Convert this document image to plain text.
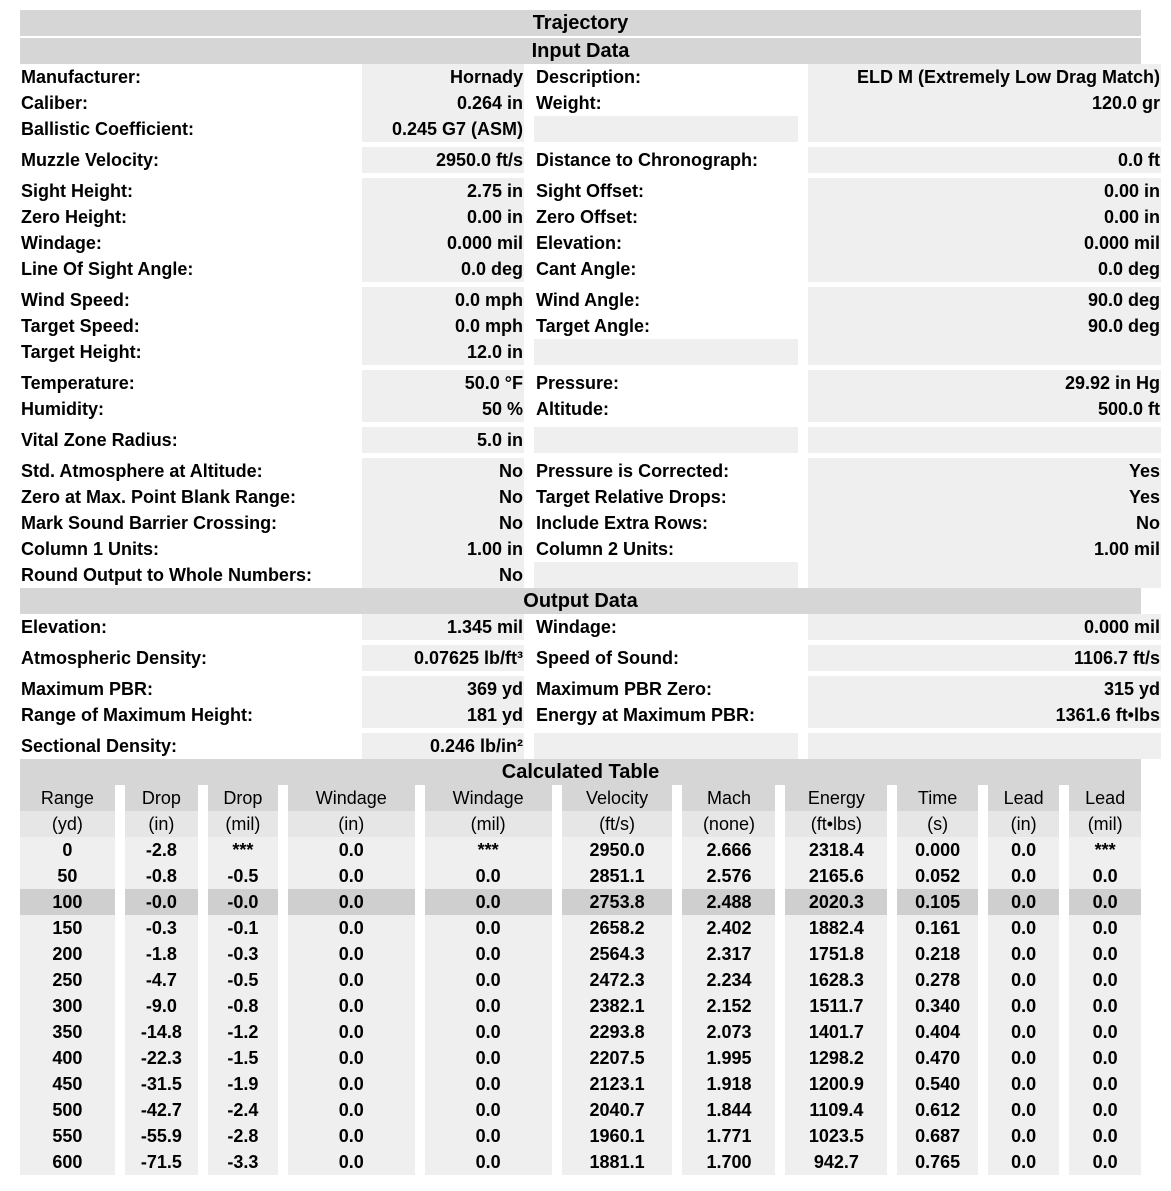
Trajectory
Input Data
Manufacturer:	Hornady Description:	ELD M (Extremely Low Drag Match)
Caliber:	0.264 in Weight:	120.0 gr
Ballistic Coefficient:	0.245 G7 (ASM)
Muzzle Velocity:	2950.0 ft/s Distance to Chronograph:	0.0 ft
Sight Height:	2.75 in Sight Offset:	0.00 in
Zero Height:	0.00 in Zero Offset:	0.00 in
Windage:	0.000 mil Elevation:	0.000 mil
Line Of Sight Angle:	0.0 deg Cant Angle:	0.0 deg
Wind Speed:	0.0 mph Wind Angle:	90.0 deg
Target Speed:	0.0 mph Target Angle:	90.0 deg
Target Height:	12.0 in
Temperature:	50.0 °F Pressure:	29.92 in Hg
Humidity:	50 % Altitude:	500.0 ft
Vital Zone Radius:	5.0 in
Std. Atmosphere at Altitude:	No Pressure is Corrected:	Yes
Zero at Max. Point Blank Range:	No Target Relative Drops:	Yes
Mark Sound Barrier Crossing:	No Include Extra Rows:	No
Column 1 Units:	1.00 in Column 2 Units:	1.00 mil
Round Output to Whole Numbers:	No
Output Data
Elevation:	1.345 mil Windage:	0.000 mil
Atmospheric Density:	0.07625 lb/ft³ Speed of Sound:	1106.7 ft/s
Maximum PBR:	369 yd Maximum PBR Zero:	315 yd
Range of Maximum Height:	181 yd Energy at Maximum PBR:	1361.6 ft•lbs
Sectional Density:	0.246 lb/in²
Calculated Table
Range	Drop	Drop	Windage	Windage	Velocity	Mach	Energy	Time	Lead	Lead
(yd)	(in)	(mil)	(in)	(mil)	(ft/s)	(none)	(ft•lbs)	(s)	(in)	(mil)
0	-2.8	***	0.0	***	2950.0	2.666	2318.4	0.000	0.0	***
50	-0.8	-0.5	0.0	0.0	2851.1	2.576	2165.6	0.052	0.0	0.0
100	-0.0	-0.0	0.0	0.0	2753.8	2.488	2020.3	0.105	0.0	0.0
150	-0.3	-0.1	0.0	0.0	2658.2	2.402	1882.4	0.161	0.0	0.0
200	-1.8	-0.3	0.0	0.0	2564.3	2.317	1751.8	0.218	0.0	0.0
250	-4.7	-0.5	0.0	0.0	2472.3	2.234	1628.3	0.278	0.0	0.0
300	-9.0	-0.8	0.0	0.0	2382.1	2.152	1511.7	0.340	0.0	0.0
350	-14.8	-1.2	0.0	0.0	2293.8	2.073	1401.7	0.404	0.0	0.0
400	-22.3	-1.5	0.0	0.0	2207.5	1.995	1298.2	0.470	0.0	0.0
450	-31.5	-1.9	0.0	0.0	2123.1	1.918	1200.9	0.540	0.0	0.0
500	-42.7	-2.4	0.0	0.0	2040.7	1.844	1109.4	0.612	0.0	0.0
550	-55.9	-2.8	0.0	0.0	1960.1	1.771	1023.5	0.687	0.0	0.0
600	-71.5	-3.3	0.0	0.0	1881.1	1.700	942.7	0.765	0.0	0.0
